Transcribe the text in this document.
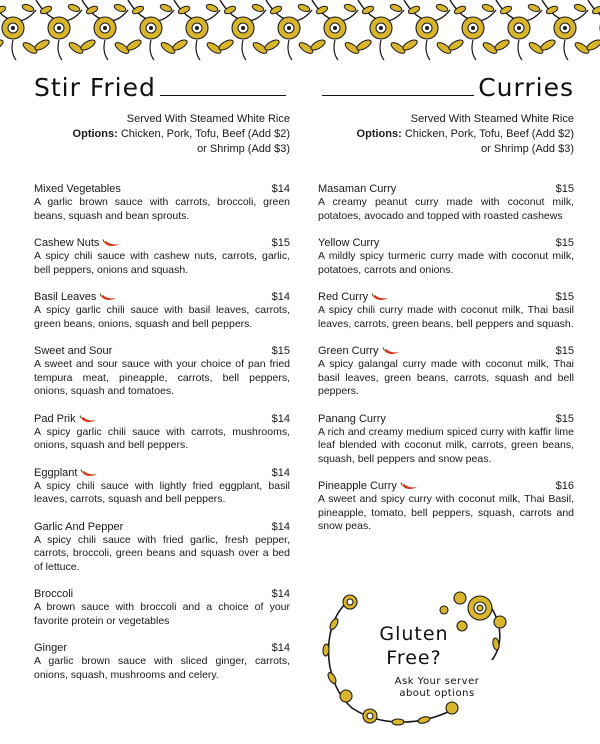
Stir Fried
Served With Steamed White Rice
Options: Chicken, Pork, Tofu, Beef (Add $2)
or Shrimp (Add $3)
Mixed Vegetables	$14
A garlic brown sauce with carrots, broccoli, green beans, squash and bean sprouts.
Cashew Nuts	$15
A spicy chili sauce with cashew nuts, carrots, garlic, bell peppers, onions and squash.
Basil Leaves	$14
A spicy garlic chili sauce with basil leaves, carrots, green beans, onions, squash and bell peppers.
Sweet and Sour	$15
A sweet and sour sauce with your choice of pan fried tempura meat, pineapple, carrots, bell peppers, onions, squash and tomatoes.
Pad Prik	$14
A spicy garlic chili sauce with carrots, mushrooms, onions, squash and bell peppers.
Eggplant	$14
A spicy chili sauce with lightly fried eggplant, basil leaves, carrots, squash and bell peppers.
Garlic And Pepper	$14
A spicy chili sauce with fried garlic, fresh pepper, carrots, broccoli, green beans and squash over a bed of lettuce.
Broccoli	$14
A brown sauce with broccoli and a choice of your favorite protein or vegetables
Ginger	$14
A garlic brown sauce with sliced ginger, carrots, onions, squash, mushrooms and celery.
Curries
Served With Steamed White Rice
Options: Chicken, Pork, Tofu, Beef (Add $2)
or Shrimp (Add $3)
Masaman Curry	$15
A creamy peanut curry made with coconut milk, potatoes, avocado and topped with roasted cashews
Yellow Curry	$15
A mildly spicy turmeric curry made with coconut milk, potatoes, carrots and onions.
Red Curry	$15
A spicy chili curry made with coconut milk, Thai basil leaves, carrots, green beans, bell peppers and squash.
Green Curry	$15
A spicy galangal curry made with coconut milk, Thai basil leaves, green beans, carrots, squash and bell peppers.
Panang Curry	$15
A rich and creamy medium spiced curry with kaffir lime leaf blended with coconut milk, carrots, green beans, squash, bell peppers and snow peas.
Pineapple Curry	$16
A sweet and spicy curry with coconut milk, Thai Basil, pineapple, tomato, bell peppers, squash, carrots and snow peas.
Gluten
Free?
Ask Your server
about options
